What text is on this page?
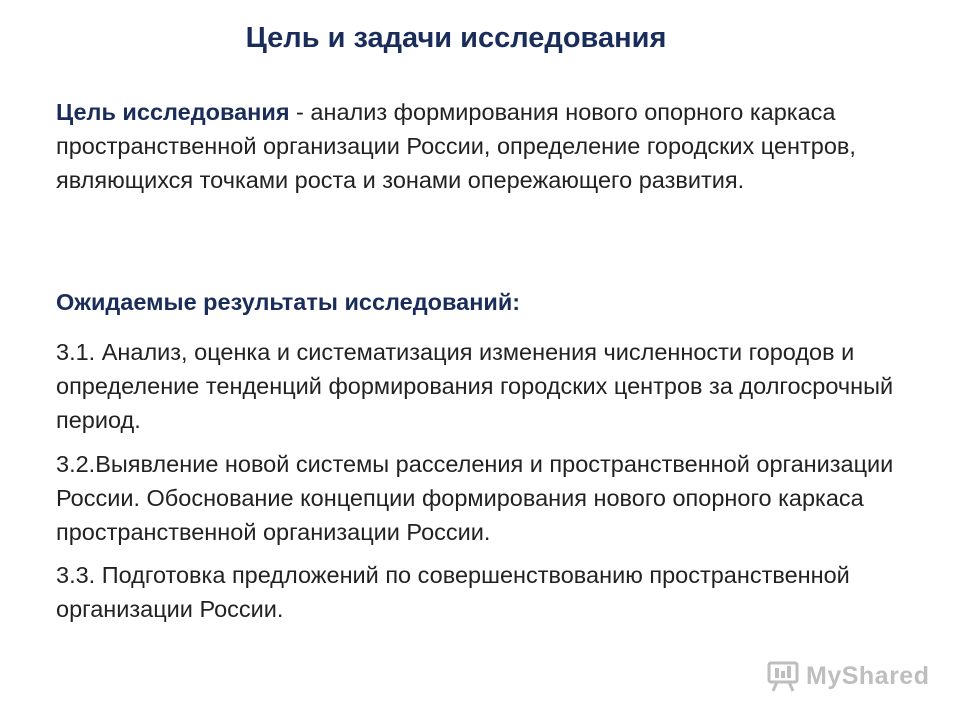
Цель и задачи исследования

Цель исследования - анализ формирования нового опорного каркаса пространственной организации России, определение городских центров, являющихся точками роста и зонами опережающего развития.

Ожидаемые результаты исследований:

3.1. Анализ, оценка и систематизация изменения численности городов и определение тенденций формирования городских центров за долгосрочный период.

3.2.Выявление новой системы расселения и пространственной организации России. Обоснование концепции формирования нового опорного каркаса пространственной организации России.

3.3. Подготовка предложений по совершенствованию пространственной организации России.

MyShared
